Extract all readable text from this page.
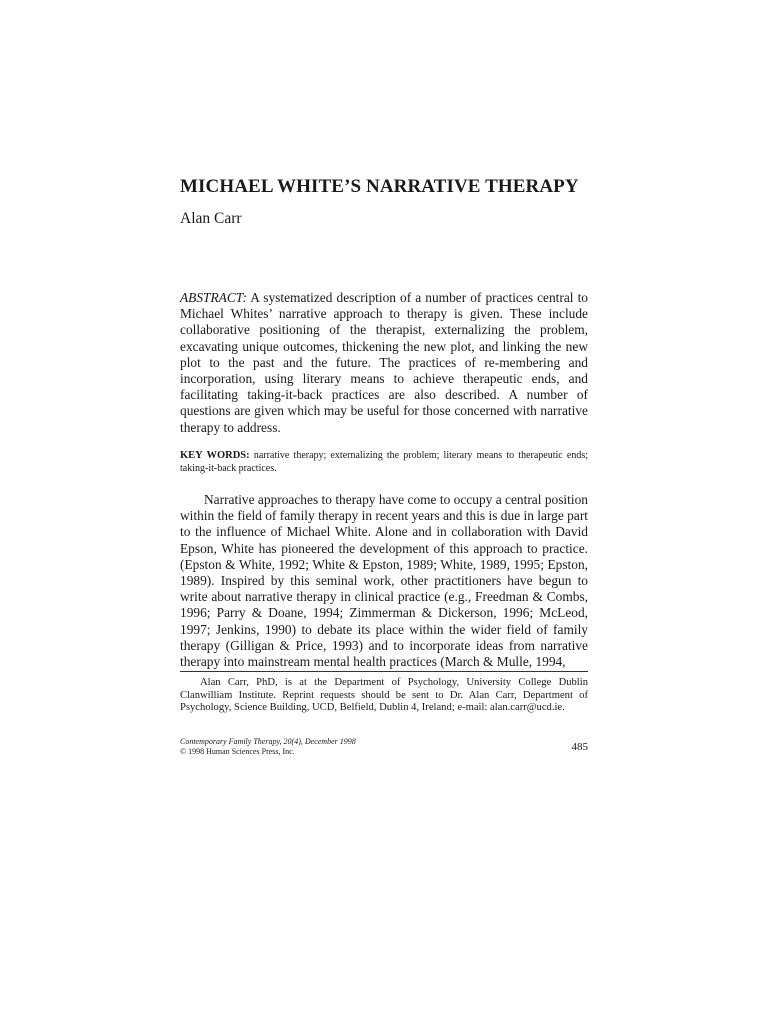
MICHAEL WHITE’S NARRATIVE THERAPY

Alan Carr

ABSTRACT: A systematized description of a number of practices central to Michael Whites’ narrative approach to therapy is given. These include collaborative positioning of the therapist, externalizing the problem, excavating unique outcomes, thickening the new plot, and linking the new plot to the past and the future. The practices of re-membering and incorporation, using literary means to achieve therapeutic ends, and facilitating taking-it-back practices are also described. A number of questions are given which may be useful for those concerned with narrative therapy to address.

KEY WORDS: narrative therapy; externalizing the problem; literary means to therapeutic ends; taking-it-back practices.

Narrative approaches to therapy have come to occupy a central position within the field of family therapy in recent years and this is due in large part to the influence of Michael White. Alone and in collaboration with David Epson, White has pioneered the development of this approach to practice. (Epston & White, 1992; White & Epston, 1989; White, 1989, 1995; Epston, 1989). Inspired by this seminal work, other practitioners have begun to write about narrative therapy in clinical practice (e.g., Freedman & Combs, 1996; Parry & Doane, 1994; Zimmerman & Dickerson, 1996; McLeod, 1997; Jenkins, 1990) to debate its place within the wider field of family therapy (Gilligan & Price, 1993) and to incorporate ideas from narrative therapy into mainstream mental health practices (March & Mulle, 1994,

Alan Carr, PhD, is at the Department of Psychology, University College Dublin Clanwilliam Institute. Reprint requests should be sent to Dr. Alan Carr, Department of Psychology, Science Building, UCD, Belfield, Dublin 4, Ireland; e-mail: alan.carr@ucd.ie.

Contemporary Family Therapy, 20(4), December 1998
© 1998 Human Sciences Press, Inc.	485
